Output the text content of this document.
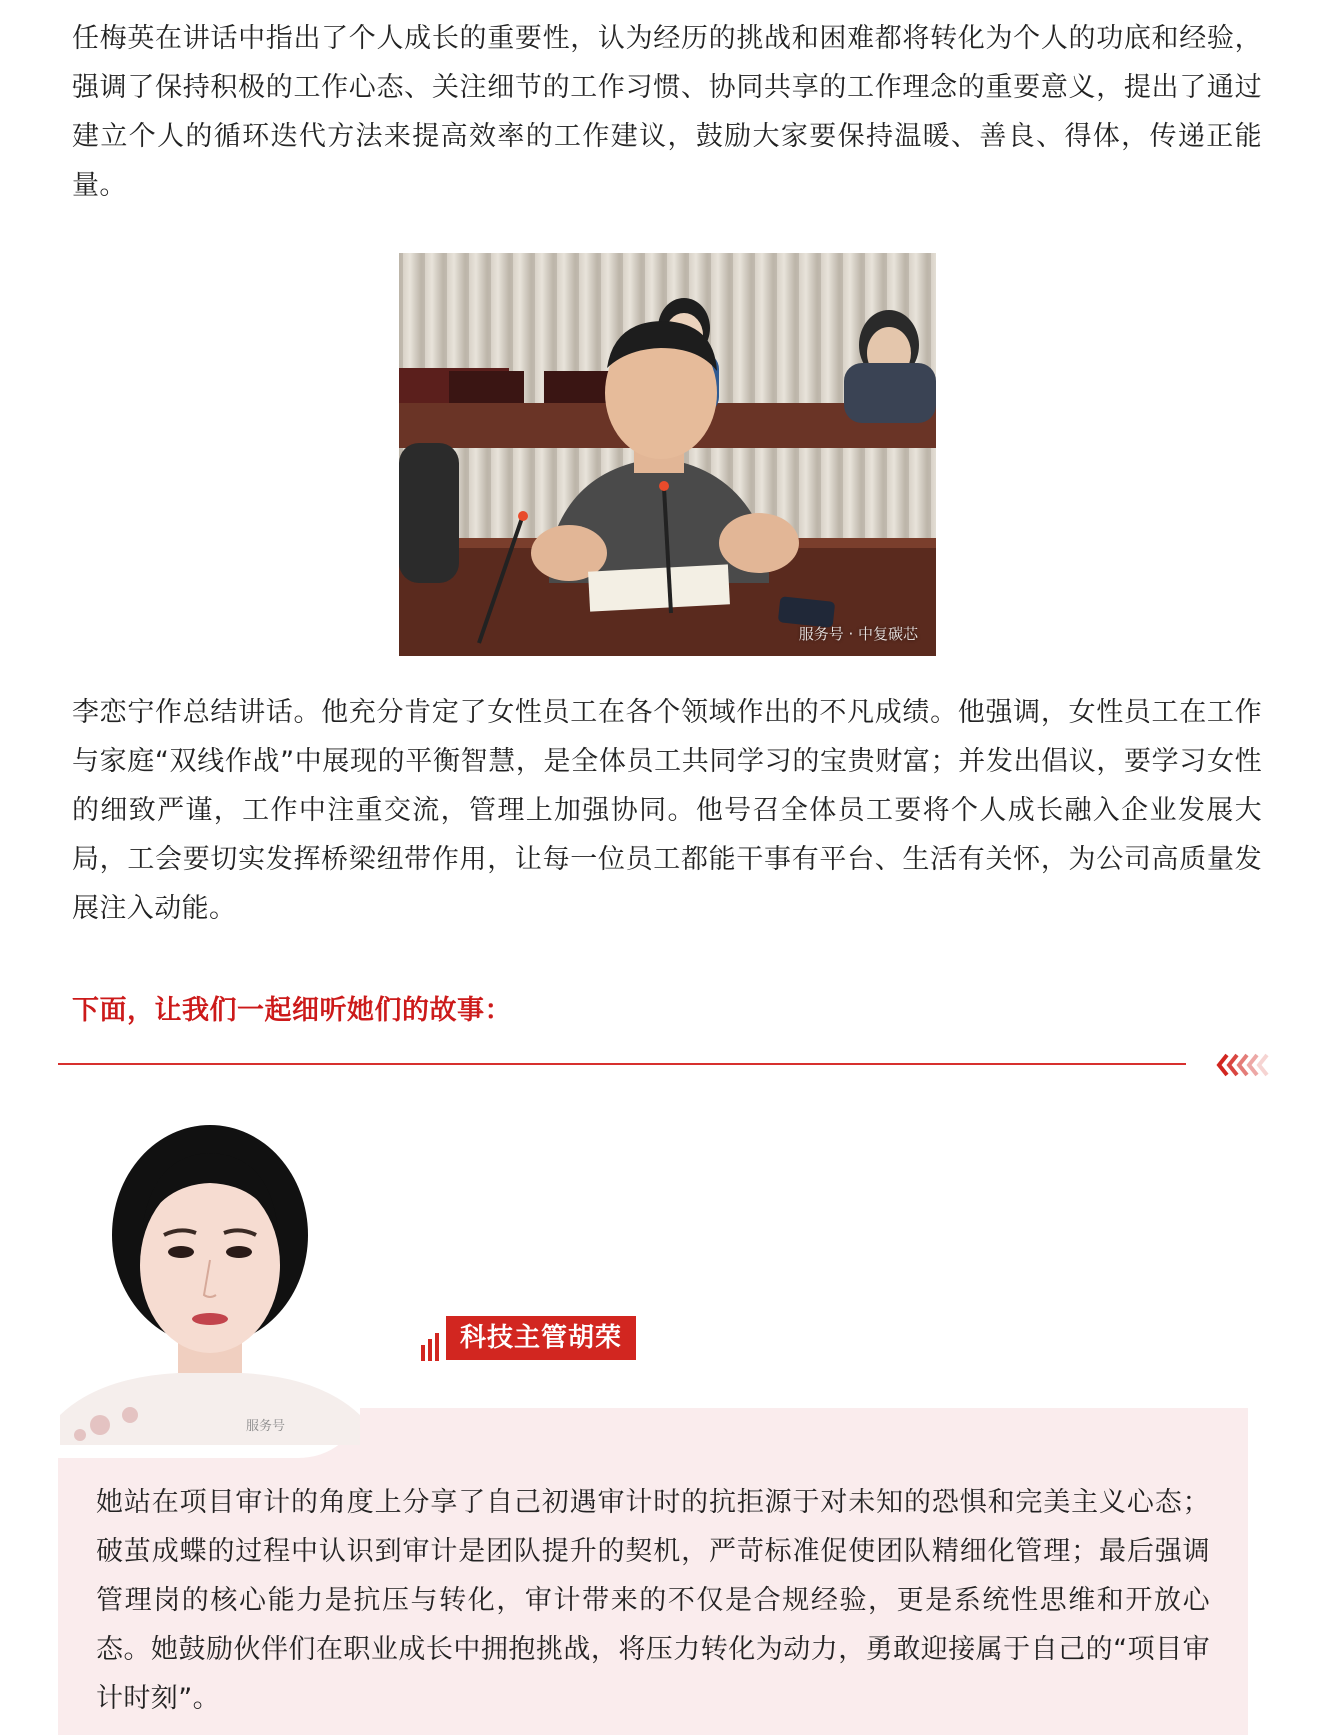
任梅英在讲话中指出了个人成长的重要性，认为经历的挑战和困难都将转化为个人的功底和经验，强调了保持积极的工作心态、关注细节的工作习惯、协同共享的工作理念的重要意义，提出了通过建立个人的循环迭代方法来提高效率的工作建议，鼓励大家要保持温暖、善良、得体，传递正能量。

服务号 · 中复碳芯

李恋宁作总结讲话。他充分肯定了女性员工在各个领域作出的不凡成绩。他强调，女性员工在工作与家庭“双线作战”中展现的平衡智慧，是全体员工共同学习的宝贵财富；并发出倡议，要学习女性的细致严谨，工作中注重交流，管理上加强协同。他号召全体员工要将个人成长融入企业发展大局，工会要切实发挥桥梁纽带作用，让每一位员工都能干事有平台、生活有关怀，为公司高质量发展注入动能。

下面，让我们一起细听她们的故事：

服务号
科技主管胡荣

她站在项目审计的角度上分享了自己初遇审计时的抗拒源于对未知的恐惧和完美主义心态；破茧成蝶的过程中认识到审计是团队提升的契机，严苛标准促使团队精细化管理；最后强调管理岗的核心能力是抗压与转化，审计带来的不仅是合规经验，更是系统性思维和开放心态。她鼓励伙伴们在职业成长中拥抱挑战，将压力转化为动力，勇敢迎接属于自己的“项目审计时刻”。
